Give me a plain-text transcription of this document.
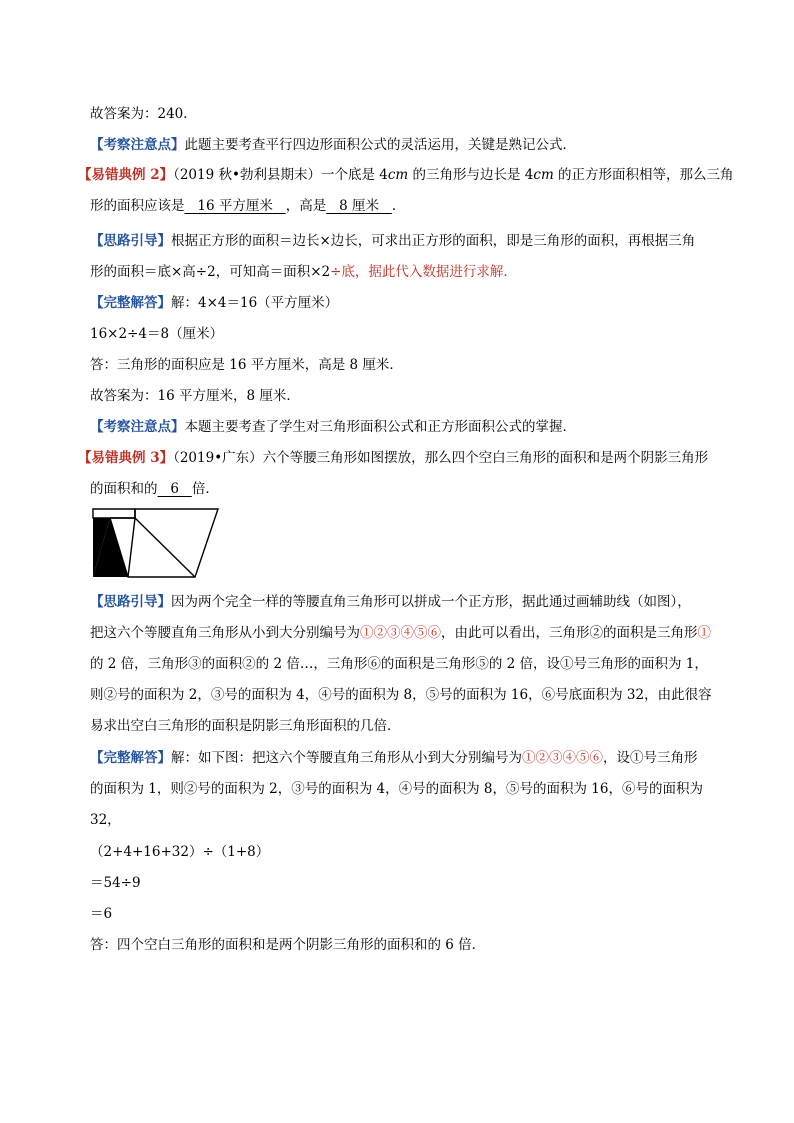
故答案为：240．
【考察注意点】此题主要考查平行四边形面积公式的灵活运用，关键是熟记公式．
【易错典例 2】（2019 秋•勃利县期末）一个底是 4cm 的三角形与边长是 4cm 的正方形面积相等，那么三角
形的面积应该是   16 平方厘米   ，高是   8 厘米   ．
【思路引导】根据正方形的面积＝边长×边长，可求出正方形的面积，即是三角形的面积，再根据三角
形的面积＝底×高÷2，可知高＝面积×2÷底，据此代入数据进行求解.
【完整解答】解：4×4＝16（平方厘米）
16×2÷4＝8（厘米）
答：三角形的面积应是 16 平方厘米，高是 8 厘米．
故答案为：16 平方厘米，8 厘米．
【考察注意点】本题主要考查了学生对三角形面积公式和正方形面积公式的掌握．
【易错典例 3】（2019•广东）六个等腰三角形如图摆放，那么四个空白三角形的面积和是两个阴影三角形
的面积和的   6   倍．
【思路引导】因为两个完全一样的等腰直角三角形可以拼成一个正方形，据此通过画辅助线（如图），
把这六个等腰直角三角形从小到大分别编号为①②③④⑤⑥，由此可以看出，三角形②的面积是三角形①
的 2 倍，三角形③的面积②的 2 倍…，三角形⑥的面积是三角形⑤的 2 倍，设①号三角形的面积为 1，
则②号的面积为 2，③号的面积为 4，④号的面积为 8，⑤号的面积为 16，⑥号底面积为 32，由此很容
易求出空白三角形的面积是阴影三角形面积的几倍．
【完整解答】解：如下图：把这六个等腰直角三角形从小到大分别编号为①②③④⑤⑥，设①号三角形
的面积为 1，则②号的面积为 2，③号的面积为 4，④号的面积为 8，⑤号的面积为 16，⑥号的面积为
32，
（2+4+16+32）÷（1+8）
＝54÷9
＝6
答：四个空白三角形的面积和是两个阴影三角形的面积和的 6 倍．
